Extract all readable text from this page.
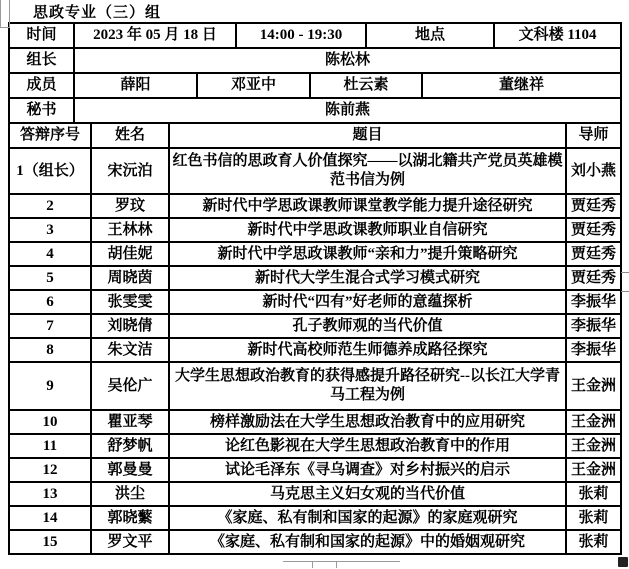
思政专业（三）组
时间	2023 年 05 月 18 日				14:00 - 19:30		地点		文科楼 1104	
组长	陈松林									
成员	薛阳			邓亚中		杜云素		董继祥		
秘书	陈前燕									
答辩序号		姓名	题目							导师
1（组长）		宋沅泊	红色书信的思政育人价值探究——以湖北籍共产党员英雄模范书信为例							刘小燕
2		罗玟	新时代中学思政课教师课堂教学能力提升途径研究							贾廷秀
3		王林林	新时代中学思政课教师职业自信研究							贾廷秀
4		胡佳妮	新时代中学思政课教师“亲和力”提升策略研究							贾廷秀
5		周晓茵	新时代大学生混合式学习模式研究							贾廷秀
6		张雯雯	新时代“四有”好老师的意蕴探析							李振华
7		刘晓倩	孔子教师观的当代价值							李振华
8		朱文洁	新时代高校师范生师德养成路径探究							李振华
9		吴伦广	大学生思想政治教育的获得感提升路径研究--以长江大学青马工程为例							王金洲
10		瞿亚琴	榜样激励法在大学生思想政治教育中的应用研究							王金洲
11		舒梦帆	论红色影视在大学生思想政治教育中的作用							王金洲
12		郭曼曼	试论毛泽东《寻乌调查》对乡村振兴的启示							王金洲
13		洪尘	马克思主义妇女观的当代价值							张莉
14		郭晓蘩	《家庭、私有制和国家的起源》的家庭观研究							张莉
15		罗文平	《家庭、私有制和国家的起源》中的婚姻观研究							张莉
